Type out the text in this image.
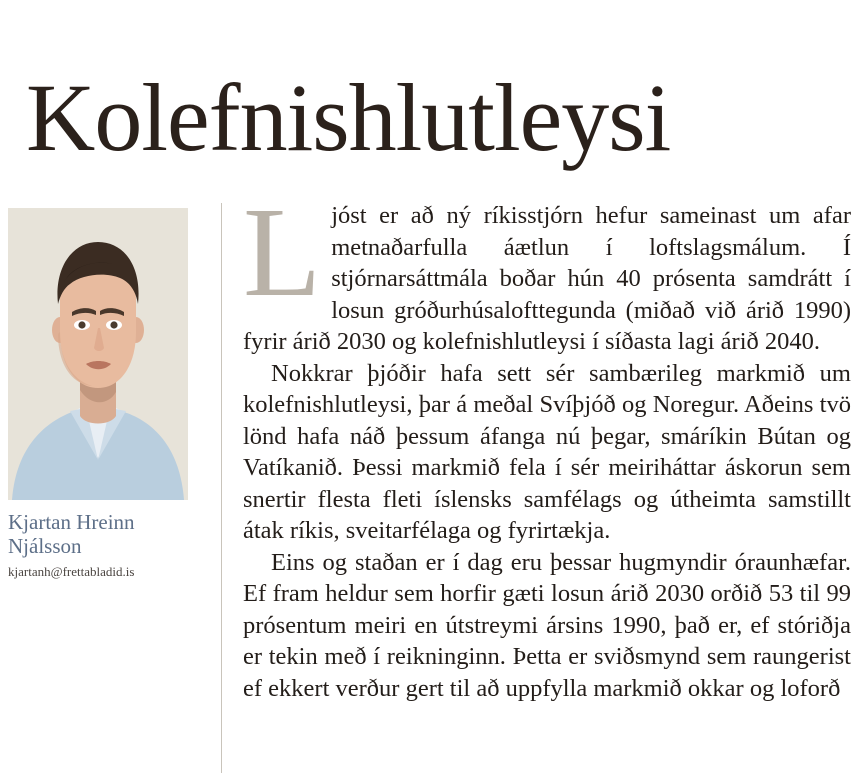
Kolefnishlutleysi
Kjartan Hreinn Njálsson
kjartanh@frettabladid.is

Ljóst er að ný ríkisstjórn hefur sameinast um afar metnaðarfulla áætlun í loftslagsmálum. Í stjórnarsáttmála boðar hún 40 prósenta samdrátt í losun gróðurhúsalofttegunda (miðað við árið 1990) fyrir árið 2030 og kolefnishlutleysi í síðasta lagi árið 2040.

Nokkrar þjóðir hafa sett sér sambærileg markmið um kolefnishlutleysi, þar á meðal Svíþjóð og Noregur. Aðeins tvö lönd hafa náð þessum áfanga nú þegar, smáríkin Bútan og Vatíkanið. Þessi markmið fela í sér meiriháttar áskorun sem snertir flesta fleti íslensks samfélags og útheimta samstillt átak ríkis, sveitarfélaga og fyrirtækja.

Eins og staðan er í dag eru þessar hugmyndir óraunhæfar. Ef fram heldur sem horfir gæti losun árið 2030 orðið 53 til 99 prósentum meiri en útstreymi ársins 1990, það er, ef stóriðja er tekin með í reikninginn. Þetta er sviðsmynd sem raungerist ef ekkert verður gert til að uppfylla markmið okkar og loforð
